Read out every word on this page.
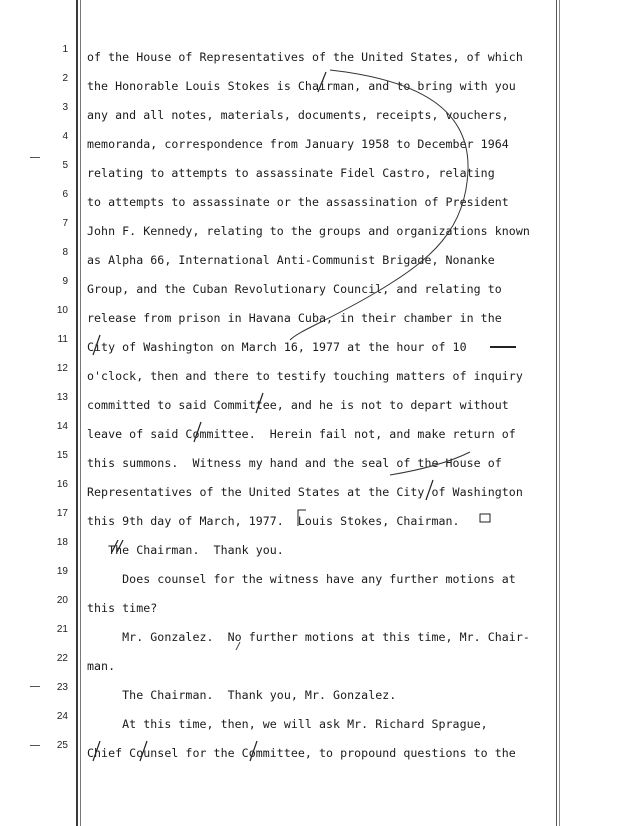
1
2
3
4
5
6
7
8
9
10
11
12
13
14
15
16
17
18
19
20
21
22
23
24
25
of the House of Representatives of the United States, of which
the Honorable Louis Stokes is Chairman, and to bring with you
any and all notes, materials, documents, receipts, vouchers,
memoranda, correspondence from January 1958 to December 1964
relating to attempts to assassinate Fidel Castro, relating
to attempts to assassinate or the assassination of President
John F. Kennedy, relating to the groups and organizations known
as Alpha 66, International Anti-Communist Brigade, Nonanke
Group, and the Cuban Revolutionary Council, and relating to
release from prison in Havana Cuba, in their chamber in the
City of Washington on March 16, 1977 at the hour of 10
o'clock, then and there to testify touching matters of inquiry
committed to said Committee, and he is not to depart without
leave of said Committee.  Herein fail not, and make return of
this summons.  Witness my hand and the seal of the House of
Representatives of the United States at the City of Washington
this 9th day of March, 1977.  Louis Stokes, Chairman.
The Chairman.  Thank you.
Does counsel for the witness have any further motions at
this time?
Mr. Gonzalez.  No further motions at this time, Mr. Chair-
man.
The Chairman.  Thank you, Mr. Gonzalez.
At this time, then, we will ask Mr. Richard Sprague,
Chief Counsel for the Committee, to propound questions to the
